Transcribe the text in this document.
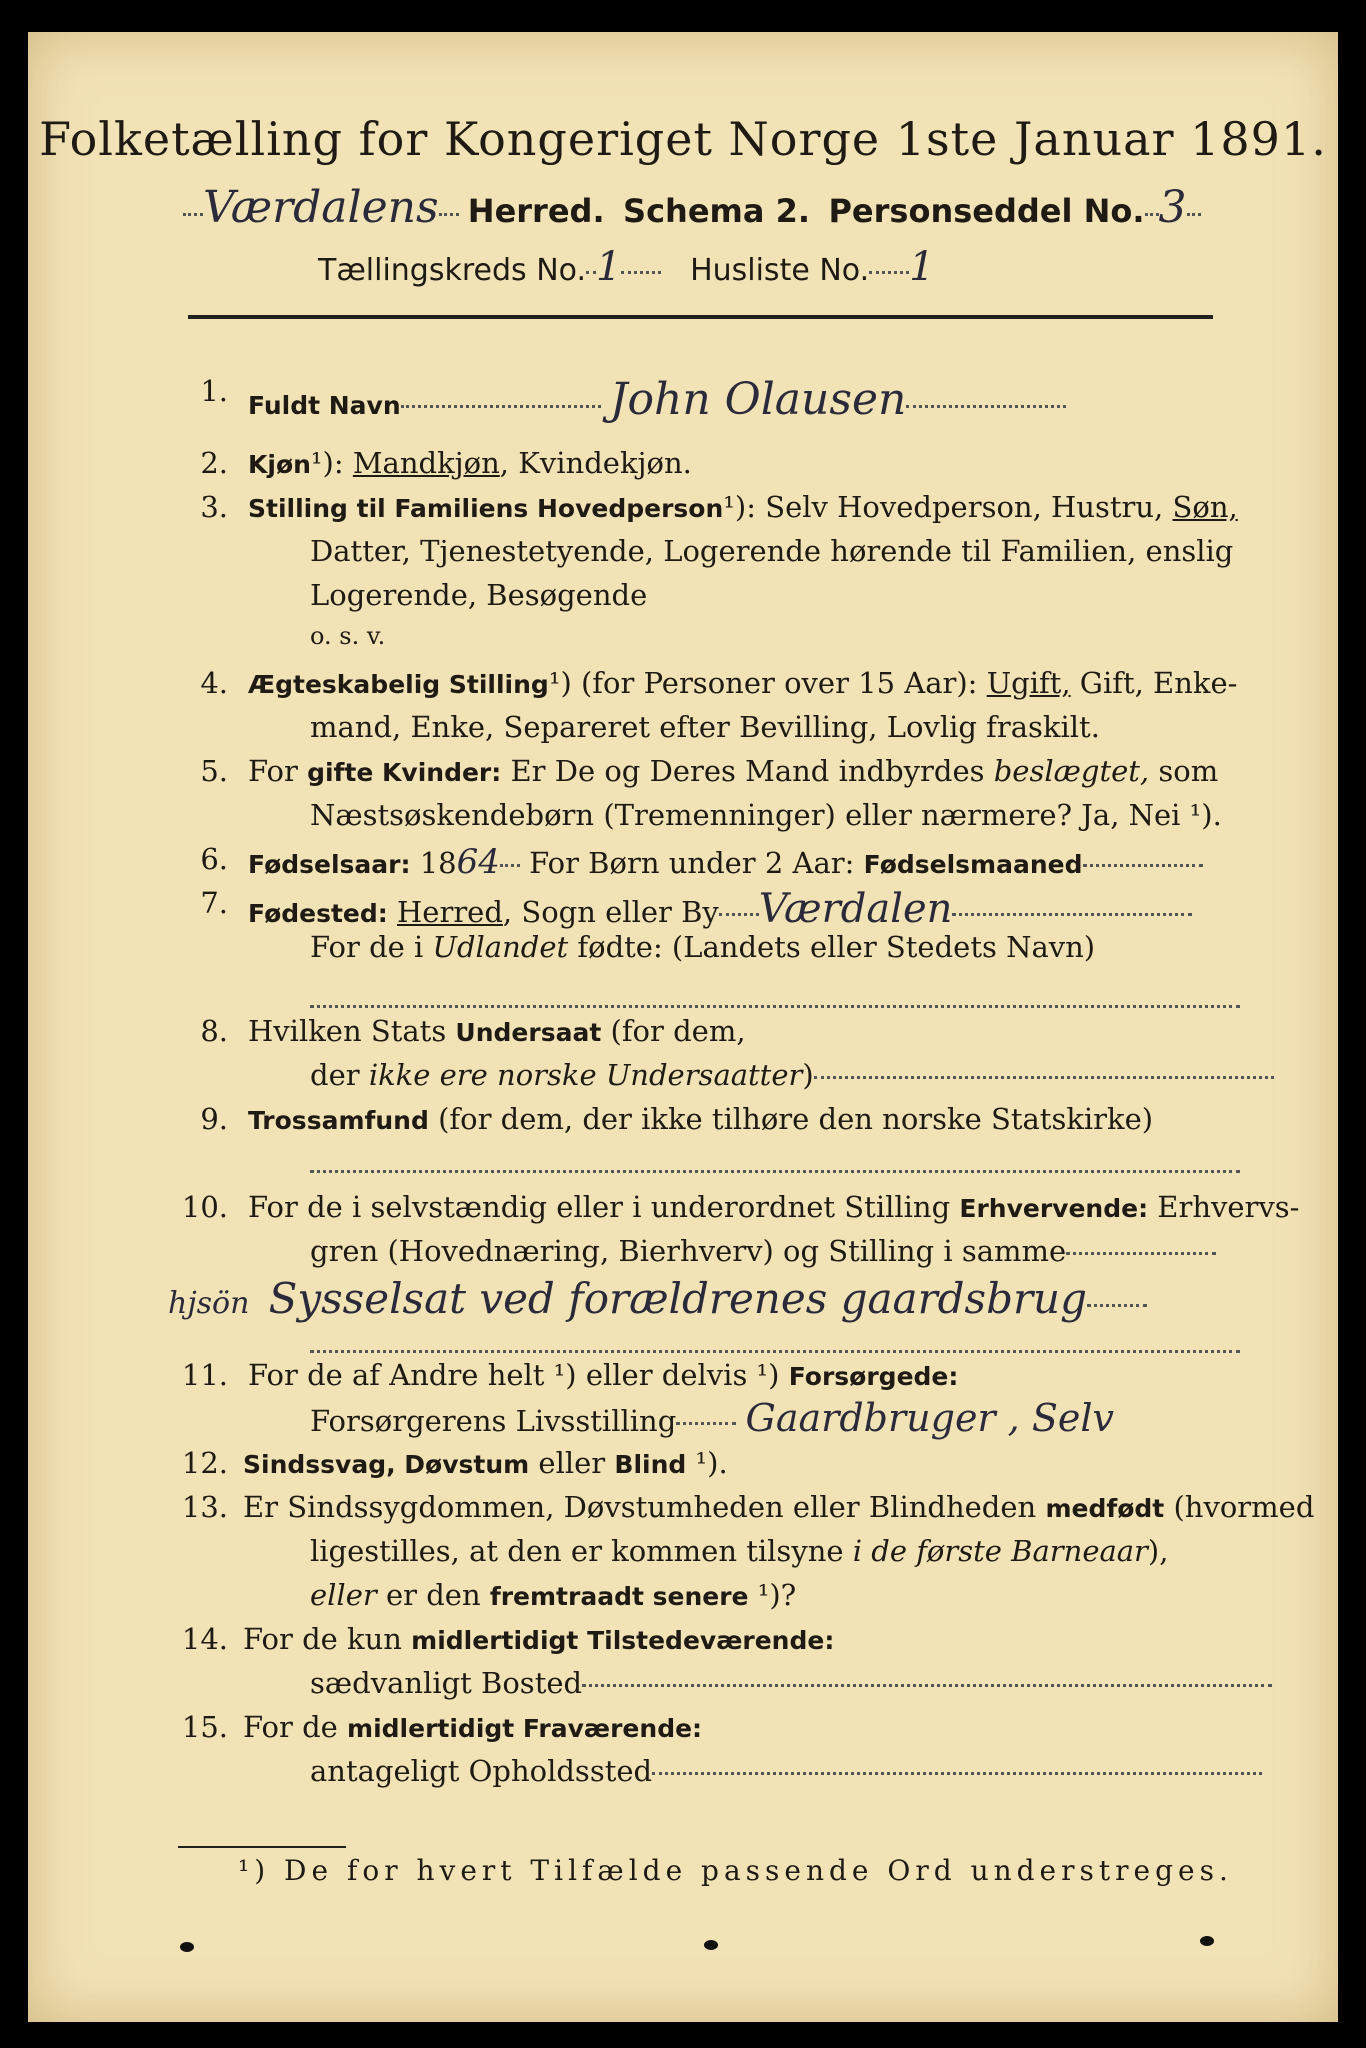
Folketælling for Kongeriget Norge 1ste Januar 1891.
Værdalens Herred. Schema 2. Personseddel No. 3
Tællingskreds No. 1 Husliste No. 1
1. Fuldt Navn	John Olausen
2. Kjøn¹): Mandkjøn, Kvindekjøn.
3. Stilling til Familiens Hovedperson¹): Selv Hovedperson, Hustru, Søn,
Datter, Tjenestetyende, Logerende hørende til Familien, enslig
Logerende, Besøgende
o. s. v.
4. Ægteskabelig Stilling¹) (for Personer over 15 Aar): Ugift, Gift, Enke-
mand, Enke, Separeret efter Bevilling, Lovlig fraskilt.
5. For gifte Kvinder: Er De og Deres Mand indbyrdes beslægtet, som
Næstsøskendebørn (Tremenninger) eller nærmere? Ja, Nei ¹).
6. Fødselsaar: 1864 For Børn under 2 Aar: Fødselsmaaned
7. Fødested: Herred, Sogn eller By Værdalen
For de i Udlandet fødte: (Landets eller Stedets Navn)
8. Hvilken Stats Undersaat (for dem,
der ikke ere norske Undersaatter)
9. Trossamfund (for dem, der ikke tilhøre den norske Statskirke)
10. For de i selvstændig eller i underordnet Stilling Erhvervende: Erhvervs-
gren (Hovednæring, Bierhverv) og Stilling i samme
hjsön Sysselsat ved forældrenes gaardsbrug
11. For de af Andre helt ¹) eller delvis ¹) Forsørgede:
Forsørgerens Livsstilling Gaardbruger , Selv
12. Sindssvag, Døvstum eller Blind ¹).
13. Er Sindssygdommen, Døvstumheden eller Blindheden medfødt (hvormed
ligestilles, at den er kommen tilsyne i de første Barneaar),
eller er den fremtraadt senere ¹)?
14. For de kun midlertidigt Tilstedeværende:
sædvanligt Bosted
15. For de midlertidigt Fraværende:
antageligt Opholdssted
¹) De for hvert Tilfælde passende Ord understreges.
